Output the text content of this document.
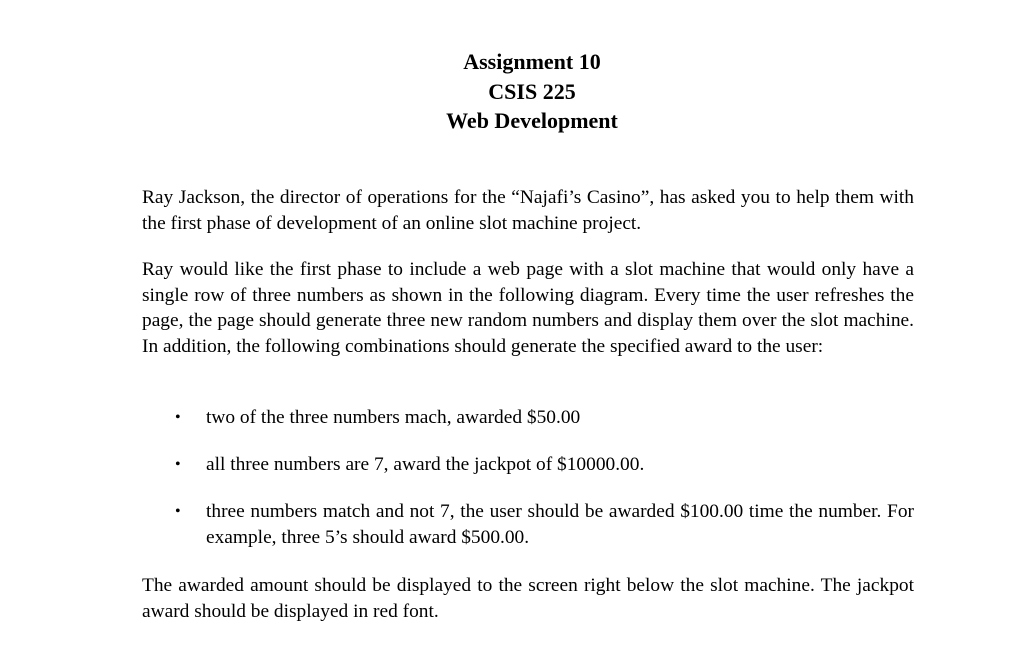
Assignment 10
CSIS 225
Web Development

Ray Jackson, the director of operations for the “Najafi’s Casino”, has asked you to help them with the first phase of development of an online slot machine project.

Ray would like the first phase to include a web page with a slot machine that would only have a single row of three numbers as shown in the following diagram. Every time the user refreshes the page, the page should generate three new random numbers and display them over the slot machine. In addition, the following combinations should generate the specified award to the user:

• two of the three numbers mach, awarded $50.00
• all three numbers are 7, award the jackpot of $10000.00.
• three numbers match and not 7, the user should be awarded $100.00 time the number. For example, three 5’s should award $500.00.

The awarded amount should be displayed to the screen right below the slot machine. The jackpot award should be displayed in red font.
